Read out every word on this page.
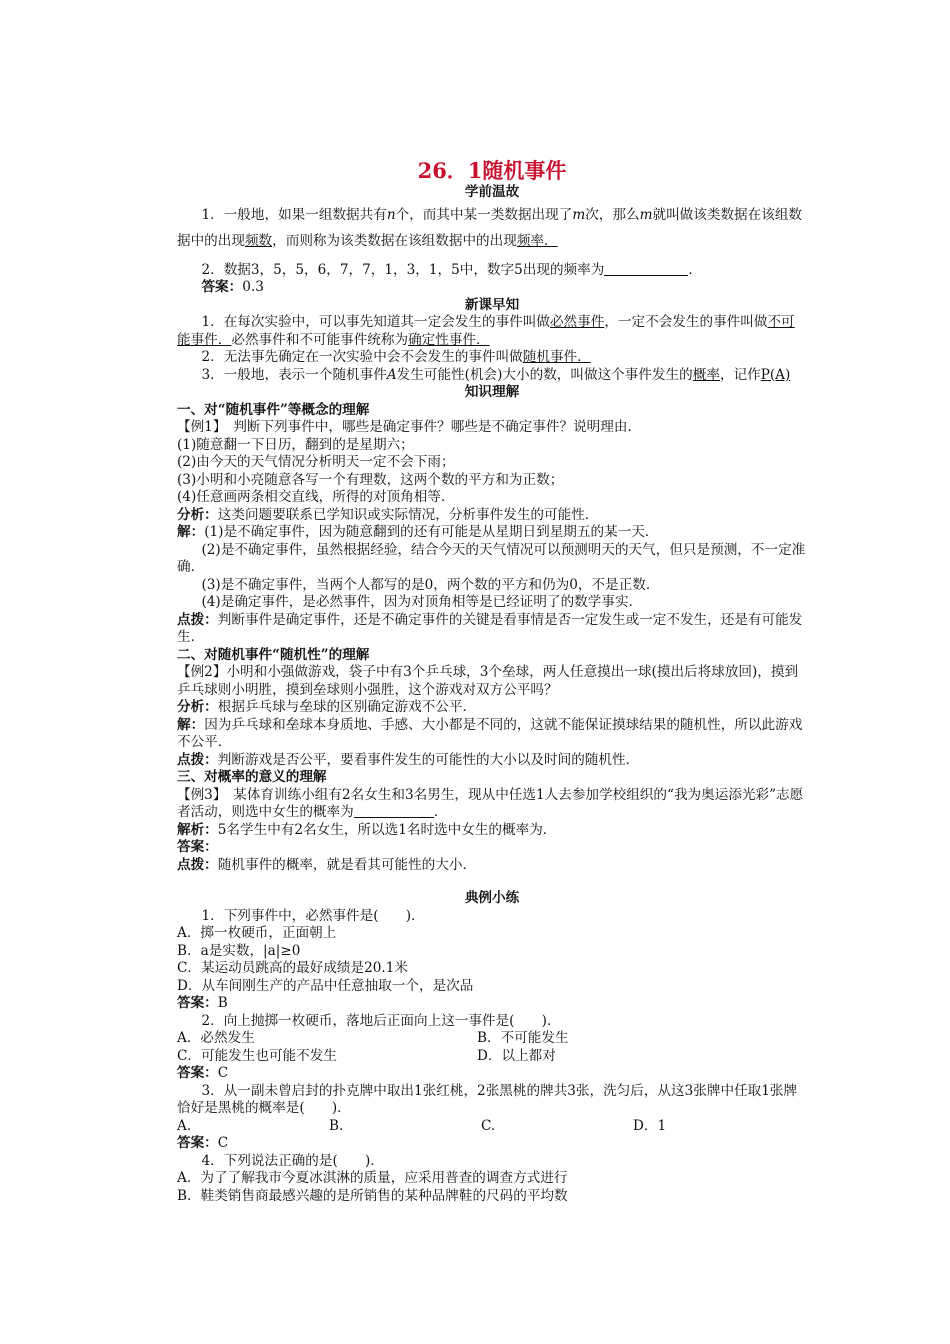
26．1随机事件

学前温故

1．一般地，如果一组数据共有n个，而其中某一类数据出现了m次，那么m就叫做该类数据在该组数据中的出现频数，而则称为该类数据在该组数据中的出现频率．

2．数据3，5，5，6，7，7，1，3，1，5中，数字5出现的频率为	．

答案：0.3

新课早知

1．在每次实验中，可以事先知道其一定会发生的事件叫做必然事件，一定不会发生的事件叫做不可能事件．必然事件和不可能事件统称为确定性事件．

2．无法事先确定在一次实验中会不会发生的事件叫做随机事件．

3．一般地，表示一个随机事件A发生可能性(机会)大小的数，叫做这个事件发生的概率，记作P(A)

知识理解

一、对“随机事件”等概念的理解

【例1】　 判断下列事件中，哪些是确定事件？哪些是不确定事件？说明理由．

(1)随意翻一下日历，翻到的是星期六；

(2)由今天的天气情况分析明天一定不会下雨；

(3)小明和小亮随意各写一个有理数，这两个数的平方和为正数；

(4)任意画两条相交直线，所得的对顶角相等．

分析：这类问题要联系已学知识或实际情况，分析事件发生的可能性．

解：(1)是不确定事件，因为随意翻到的还有可能是从星期日到星期五的某一天．

(2)是不确定事件，虽然根据经验，结合今天的天气情况可以预测明天的天气，但只是预测，不一定准确．

(3)是不确定事件，当两个人都写的是0，两个数的平方和仍为0，不是正数．

(4)是确定事件，是必然事件，因为对顶角相等是已经证明了的数学事实．

点拨：判断事件是确定事件，还是不确定事件的关键是看事情是否一定发生或一定不发生，还是有可能发生．

二、对随机事件“随机性”的理解

【例2】小明和小强做游戏，袋子中有3个乒乓球，3个垒球，两人任意摸出一球(摸出后将球放回)，摸到乒乓球则小明胜，摸到垒球则小强胜，这个游戏对双方公平吗？

分析：根据乒乓球与垒球的区别确定游戏不公平．

解：因为乒乓球和垒球本身质地、手感、大小都是不同的，这就不能保证摸球结果的随机性，所以此游戏不公平．

点拨：判断游戏是否公平，要看事件发生的可能性的大小以及时间的随机性．

三、对概率的意义的理解

【例3】　 某体育训练小组有2名女生和3名男生，现从中任选1人去参加学校组织的“我为奥运添光彩”志愿者活动，则选中女生的概率为	．

解析：5名学生中有2名女生，所以选1名时选中女生的概率为．

答案：

点拨：随机事件的概率，就是看其可能性的大小．

典例小练

1．下列事件中，必然事件是(　　)．

A．掷一枚硬币，正面朝上

B．a是实数，|a|≥0

C．某运动员跳高的最好成绩是20.1米

D．从车间刚生产的产品中任意抽取一个，是次品

答案：B

2．向上抛掷一枚硬币，落地后正面向上这一事件是(　　)．

A．必然发生	B．不可能发生

C．可能发生也可能不发生	D．以上都对

答案：C

3．从一副未曾启封的扑克牌中取出1张红桃，2张黑桃的牌共3张，洗匀后，从这3张牌中任取1张牌恰好是黑桃的概率是(　　)．

A.	B.	C.	D．1

答案：C

4．下列说法正确的是(　　)．

A．为了了解我市今夏冰淇淋的质量，应采用普查的调查方式进行

B．鞋类销售商最感兴趣的是所销售的某种品牌鞋的尺码的平均数
